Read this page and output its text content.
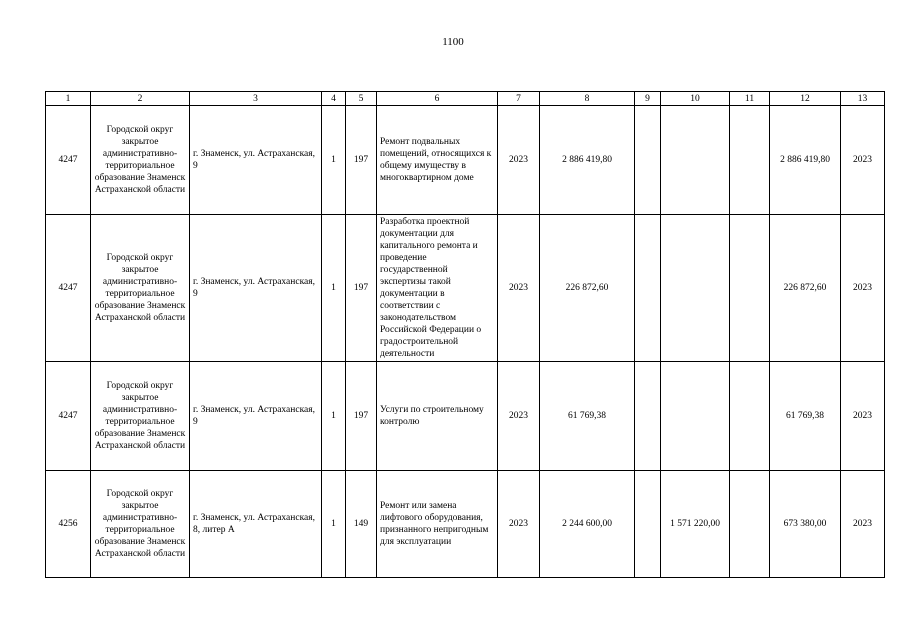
1100
1	2	3	4	5	6	7	8	9	10	11	12	13
4247	Городской округ закрытое административно-территориальное образование Знаменск Астраханской области	г. Знаменск, ул. Астраханская, 9	1	197	Ремонт подвальных помещений, относящихся к общему имуществу в многоквартирном доме	2023	2 886 419,80				2 886 419,80	2023
4247	Городской округ закрытое административно-территориальное образование Знаменск Астраханской области	г. Знаменск, ул. Астраханская, 9	1	197	Разработка проектной документации для капитального ремонта и проведение государственной экспертизы такой документации в соответствии с законодательством Российской Федерации о градостроительной деятельности	2023	226 872,60				226 872,60	2023
4247	Городской округ закрытое административно-территориальное образование Знаменск Астраханской области	г. Знаменск, ул. Астраханская, 9	1	197	Услуги по строительному контролю	2023	61 769,38				61 769,38	2023
4256	Городской округ закрытое административно-территориальное образование Знаменск Астраханской области	г. Знаменск, ул. Астраханская, 8, литер А	1	149	Ремонт или замена лифтового оборудования, признанного непригодным для эксплуатации	2023	2 244 600,00		1 571 220,00		673 380,00	2023
